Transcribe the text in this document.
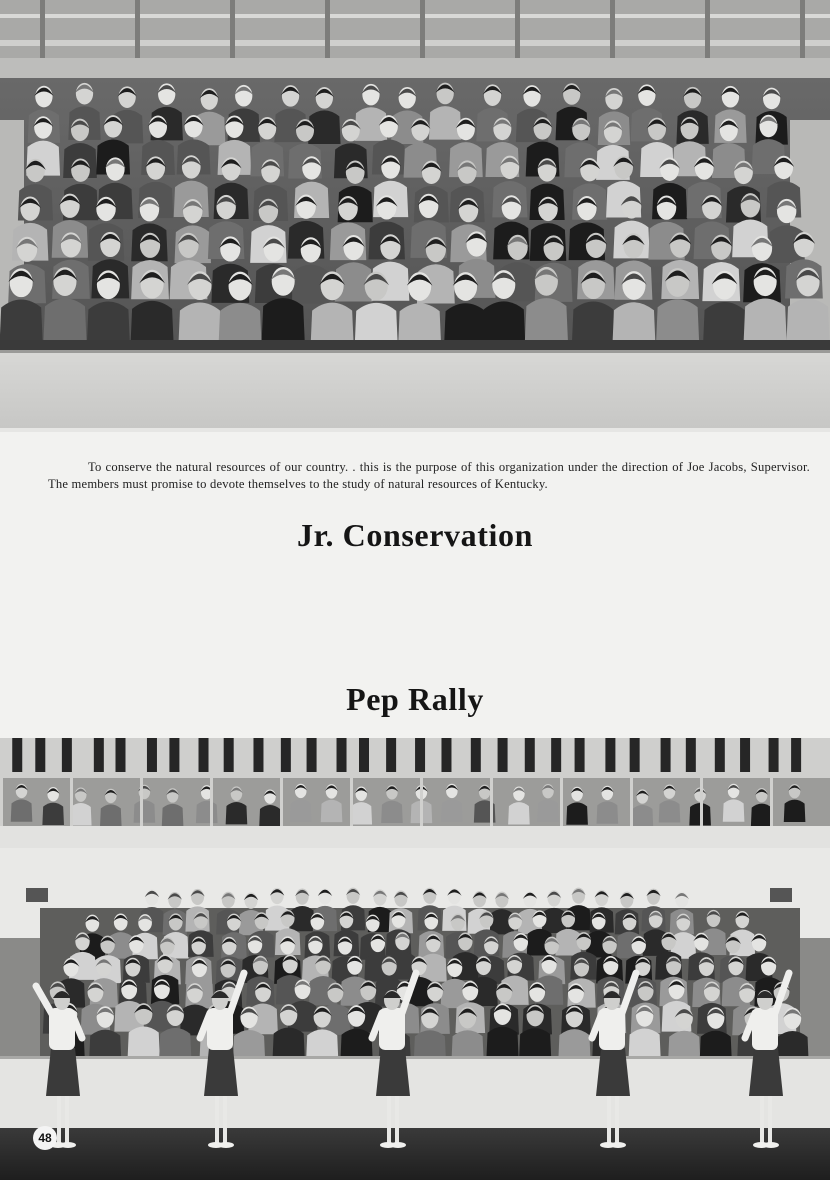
To conserve the natural resources of our country. . this is the purpose of this organization under the direction of Joe Jacobs, Supervisor. The members must promise to devote themselves to the study of natural resources of Kentucky.

Jr. Conservation
Pep Rally
48
